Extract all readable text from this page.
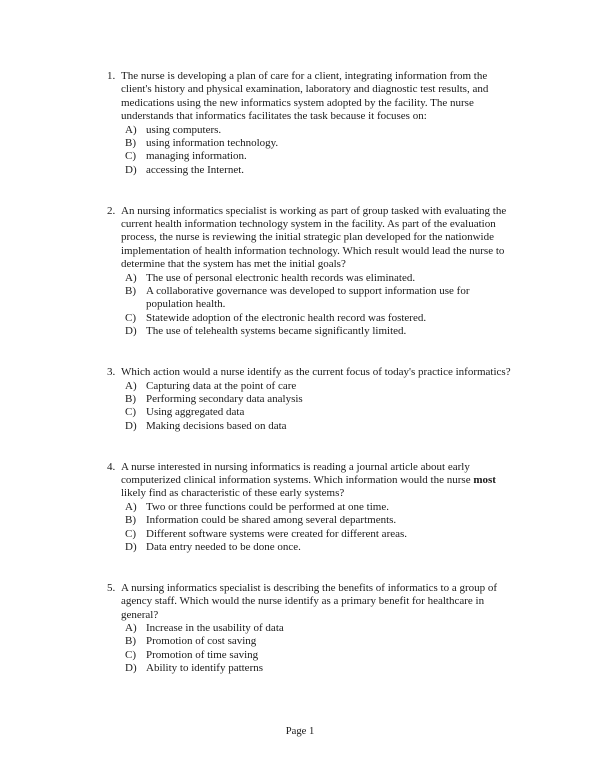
1. The nurse is developing a plan of care for a client, integrating information from the
client's history and physical examination, laboratory and diagnostic test results, and
medications using the new informatics system adopted by the facility. The nurse
understands that informatics facilitates the task because it focuses on:
A) using computers.
B) using information technology.
C) managing information.
D) accessing the Internet.
2. An nursing informatics specialist is working as part of group tasked with evaluating the
current health information technology system in the facility. As part of the evaluation
process, the nurse is reviewing the initial strategic plan developed for the nationwide
implementation of health information technology. Which result would lead the nurse to
determine that the system has met the initial goals?
A) The use of personal electronic health records was eliminated.
B) A collaborative governance was developed to support information use for
population health.
C) Statewide adoption of the electronic health record was fostered.
D) The use of telehealth systems became significantly limited.
3. Which action would a nurse identify as the current focus of today's practice informatics?
A) Capturing data at the point of care
B) Performing secondary data analysis
C) Using aggregated data
D) Making decisions based on data
4. A nurse interested in nursing informatics is reading a journal article about early
computerized clinical information systems. Which information would the nurse most
likely find as characteristic of these early systems?
A) Two or three functions could be performed at one time.
B) Information could be shared among several departments.
C) Different software systems were created for different areas.
D) Data entry needed to be done once.
5. A nursing informatics specialist is describing the benefits of informatics to a group of
agency staff. Which would the nurse identify as a primary benefit for healthcare in
general?
A) Increase in the usability of data
B) Promotion of cost saving
C) Promotion of time saving
D) Ability to identify patterns
Page 1
